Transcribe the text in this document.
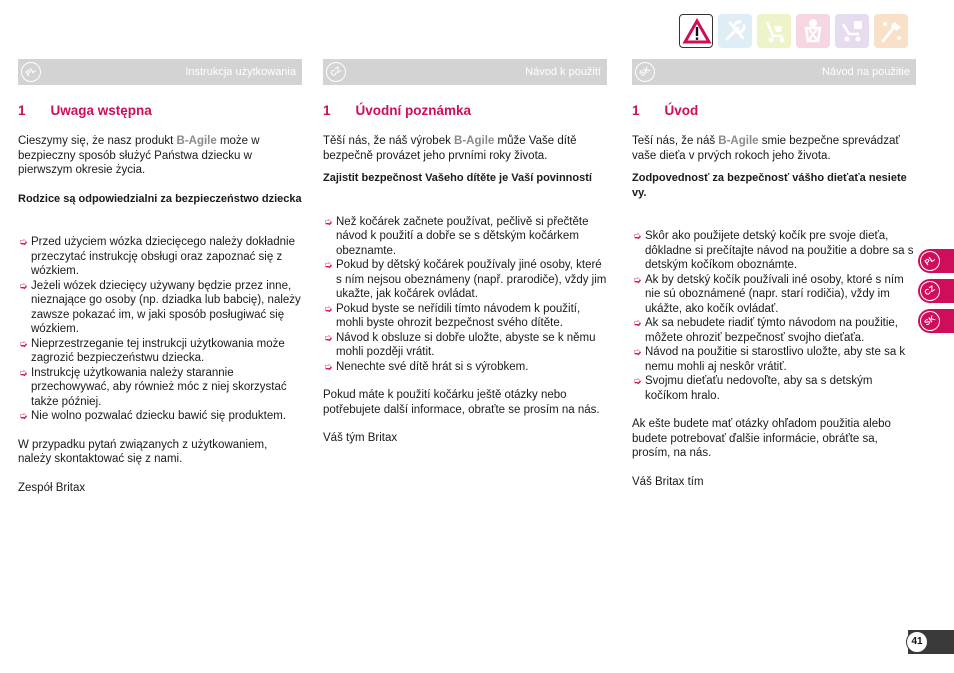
PL	Instrukcja użytkowania
1 Uwaga wstępna

Cieszymy się, że nasz produkt B-Agile może w bezpieczny sposób służyć Państwa dziecku w pierwszym okresie życia.

Rodzice są odpowiedzialni za bezpieczeństwo dziecka

➭ Przed użyciem wózka dziecięcego należy dokładnie przeczytać instrukcję obsługi oraz zapoznać się z wózkiem.
➭ Jeżeli wózek dziecięcy używany będzie przez inne, nieznające go osoby (np. dziadka lub babcię), należy zawsze pokazać im, w jaki sposób posługiwać się wózkiem.
➭ Nieprzestrzeganie tej instrukcji użytkowania może zagrozić bezpieczeństwu dziecka.
➭ Instrukcję użytkowania należy starannie przechowywać, aby również móc z niej skorzystać także później.
➭ Nie wolno pozwalać dziecku bawić się produktem.

W przypadku pytań związanych z użytkowaniem, należy skontaktować się z nami.

Zespół Britax

CZ	Návod k použití
1 Úvodní poznámka

Těší nás, že náš výrobek B-Agile může Vaše dítě bezpečně provázet jeho prvními roky života.

Zajistit bezpečnost Vašeho dítěte je Vaší povinností

➭ Než kočárek začnete používat, pečlivě si přečtěte návod k použití a dobře se s dětským kočárkem obeznamte.
➭ Pokud by dětský kočárek používaly jiné osoby, které s ním nejsou obeznámeny (např. prarodiče), vždy jim ukažte, jak kočárek ovládat.
➭ Pokud byste se neřídili tímto návodem k použití, mohli byste ohrozit bezpečnost svého dítěte.
➭ Návod k obsluze si dobře uložte, abyste se k němu mohli později vrátit.
➭ Nenechte své dítě hrát si s výrobkem.

Pokud máte k použití kočárku ještě otázky nebo potřebujete další informace, obraťte se prosím na nás.

Váš tým Britax

SK	Návod na použitie
1 Úvod

Teší nás, že náš B-Agile smie bezpečne sprevádzať vaše dieťa v prvých rokoch jeho života.

Zodpovednosť za bezpečnosť vášho dieťaťa nesiete vy.

➭ Skôr ako použijete detský kočík pre svoje dieťa, dôkladne si prečítajte návod na použitie a dobre sa s detským kočíkom oboznámte.
➭ Ak by detský kočík používali iné osoby, ktoré s ním nie sú oboznámené (napr. starí rodičia), vždy im ukážte, ako kočík ovládať.
➭ Ak sa nebudete riadiť týmto návodom na použitie, môžete ohroziť bezpečnosť svojho dieťaťa.
➭ Návod na použitie si starostlivo uložte, aby ste sa k nemu mohli aj neskôr vrátiť.
➭ Svojmu dieťaťu nedovoľte, aby sa s detským kočíkom hralo.

Ak ešte budete mať otázky ohľadom použitia alebo budete potrebovať ďalšie informácie, obráťte sa, prosím, na nás.

Váš Britax tím

PL
CZ
SK
41
